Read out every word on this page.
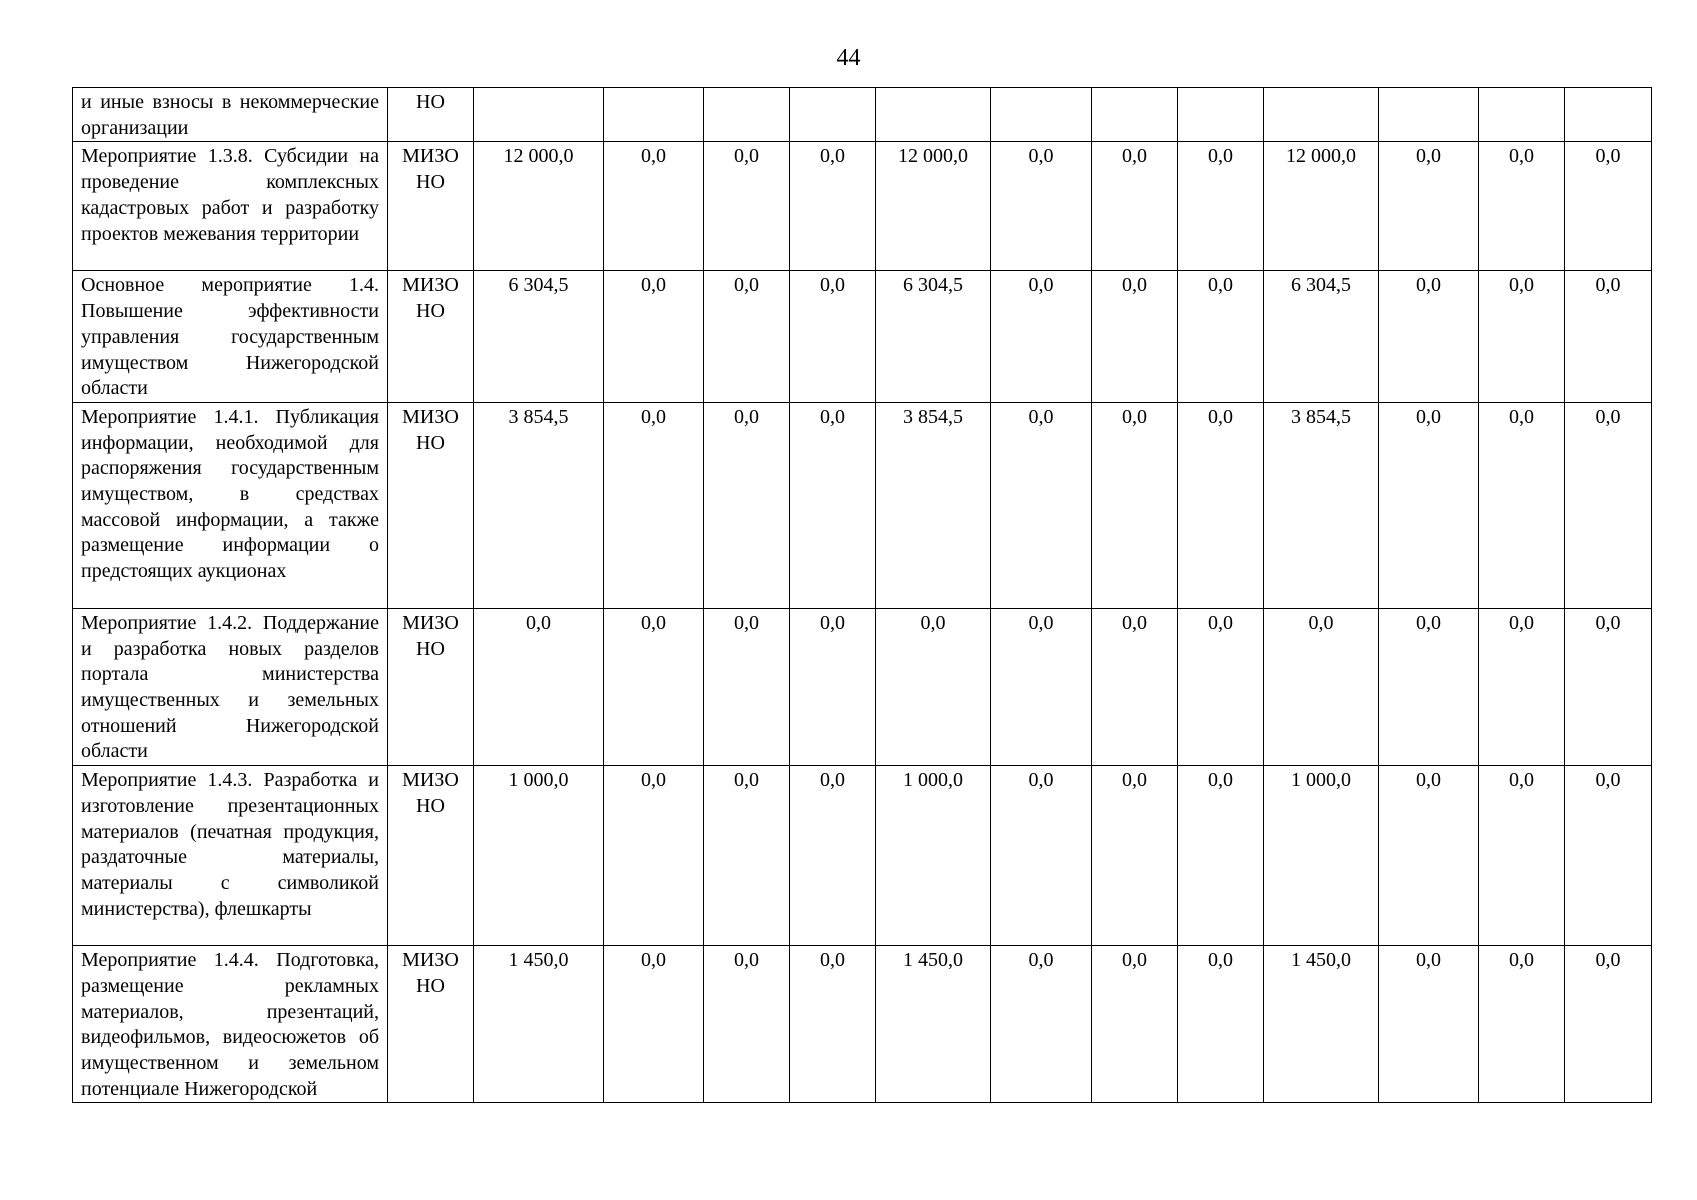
44
и иные взносы в некоммерческие организации	НО												
Мероприятие 1.3.8. Субсидии на проведение комплексных кадастровых работ и разработку проектов межевания территории	МИЗО НО	12 000,0	0,0	0,0	0,0	12 000,0	0,0	0,0	0,0	12 000,0	0,0	0,0	0,0
Основное мероприятие 1.4. Повышение эффективности управления государственным имуществом Нижегородской области	МИЗО НО	6 304,5	0,0	0,0	0,0	6 304,5	0,0	0,0	0,0	6 304,5	0,0	0,0	0,0
Мероприятие 1.4.1. Публикация информации, необходимой для распоряжения государственным имуществом, в средствах массовой информации, а также размещение информации о предстоящих аукционах	МИЗО НО	3 854,5	0,0	0,0	0,0	3 854,5	0,0	0,0	0,0	3 854,5	0,0	0,0	0,0
Мероприятие 1.4.2. Поддержание и разработка новых разделов портала министерства имущественных и земельных отношений Нижегородской области	МИЗО НО	0,0	0,0	0,0	0,0	0,0	0,0	0,0	0,0	0,0	0,0	0,0	0,0
Мероприятие 1.4.3. Разработка и изготовление презентационных материалов (печатная продукция, раздаточные материалы, материалы с символикой министерства), флешкарты	МИЗО НО	1 000,0	0,0	0,0	0,0	1 000,0	0,0	0,0	0,0	1 000,0	0,0	0,0	0,0
Мероприятие 1.4.4. Подготовка, размещение рекламных материалов, презентаций, видеофильмов, видеосюжетов об имущественном и земельном потенциале Нижегородской	МИЗО НО	1 450,0	0,0	0,0	0,0	1 450,0	0,0	0,0	0,0	1 450,0	0,0	0,0	0,0
